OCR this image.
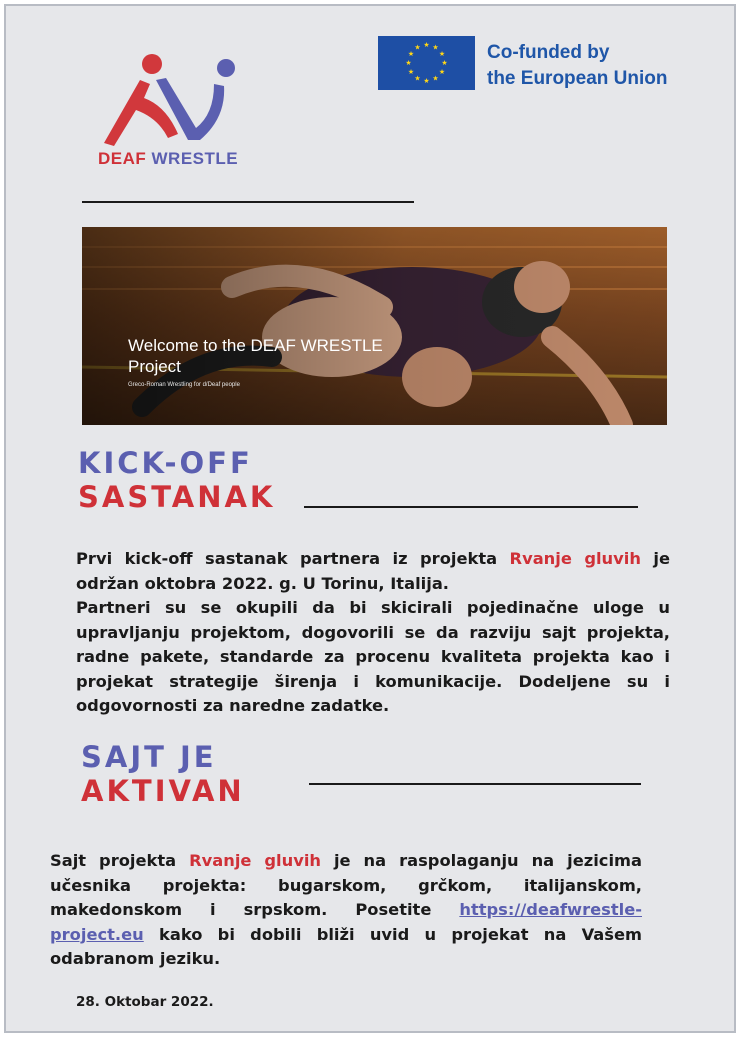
DEAF WRESTLE
★ ★
★
★
★
★
★
★
★
★
★
★	Co-funded by
the European Union
Welcome to the DEAF WRESTLE
Project
Greco-Roman Wrestling for d/Deaf people
KICK-OFF
SASTANAK
Prvi kick-off sastanak partnera iz projekta Rvanje gluvih je održan oktobra 2022. g. U Torinu, Italija.
Partneri su se okupili da bi skicirali pojedinačne uloge u upravljanju projektom, dogovorili se da razviju sajt projekta, radne pakete, standarde za procenu kvaliteta projekta kao i projekat strategije širenja i komunikacije. Dodeljene su i odgovornosti za naredne zadatke.
SAJT JE
AKTIVAN
Sajt projekta Rvanje gluvih je na raspolaganju na jezicima učesnika projekta: bugarskom, grčkom, italijanskom, makedonskom i srpskom. Posetite https://deafwrestle-project.eu kako bi dobili bliži uvid u projekat na Vašem odabranom jeziku.
28. Oktobar 2022.
